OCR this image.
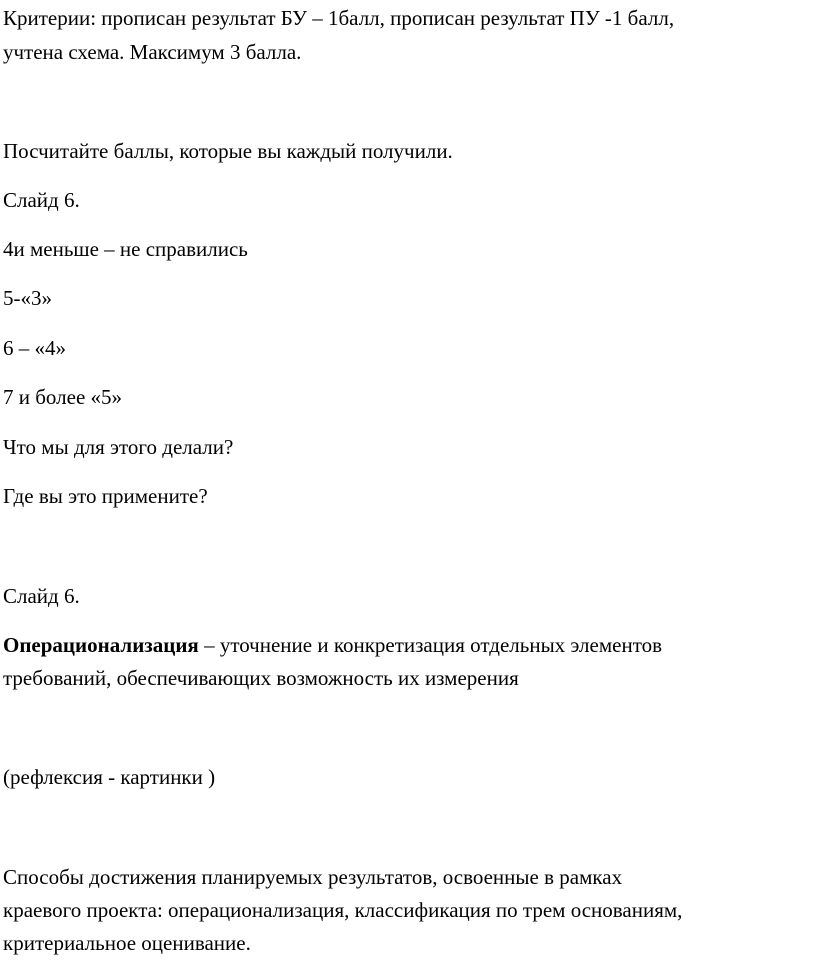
Критерии: прописан результат БУ – 1балл, прописан результат ПУ -1 балл,

учтена схема. Максимум 3 балла.

Посчитайте баллы, которые вы каждый получили.

Слайд 6.

4и меньше – не справились

5-«3»

6 – «4»

7 и более «5»

Что мы для этого делали?

Где вы это примените?

Слайд 6.

Операционализация – уточнение и конкретизация отдельных элементов

требований, обеспечивающих возможность их измерения

(рефлексия - картинки )

Способы достижения планируемых результатов, освоенные в рамках

краевого проекта: операционализация, классификация по трем основаниям,

критериальное оценивание.
